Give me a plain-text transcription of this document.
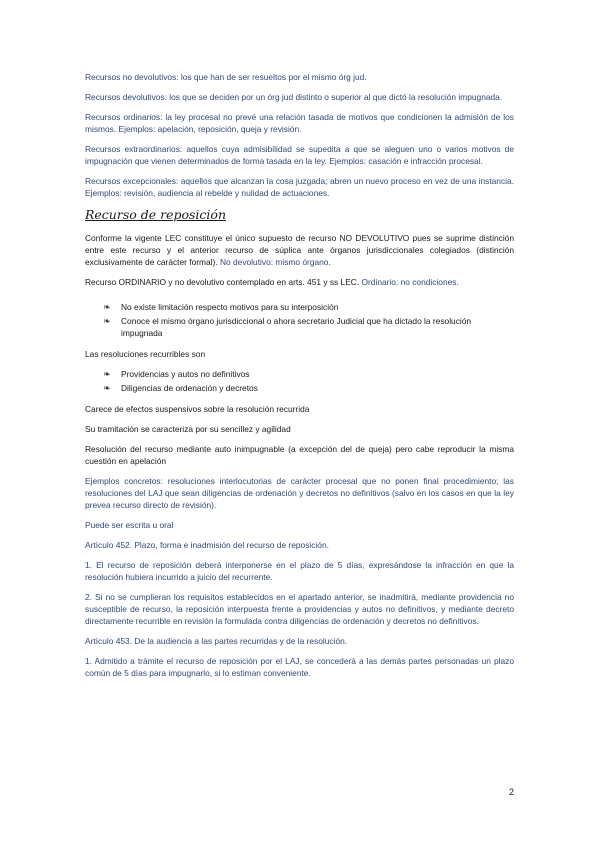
Recursos no devolutivos: los que han de ser resueltos por el mismo órg jud.

Recursos devolutivos: los que se deciden por un órg jud distinto o superior al que dictó la resolución impugnada.

Recursos ordinarios: la ley procesal no prevé una relación tasada de motivos que condicionen la admisión de los mismos. Ejemplos: apelación, reposición, queja y revisión.

Recursos extraordinarios: aquellos cuya admisibilidad se supedita a que se aleguen uno o varios motivos de impugnación que vienen determinados de forma tasada en la ley. Ejemplos: casación e infracción procesal.

Recursos excepcionales: aquellos que alcanzan la cosa juzgada; abren un nuevo proceso en vez de una instancia. Ejemplos: revisión, audiencia al rebelde y nulidad de actuaciones.

Recurso de reposición

Conforme la vigente LEC constituye el único supuesto de recurso NO DEVOLUTIVO pues se suprime distinción entre este recurso y el anterior recurso de súplica ante órganos jurisdiccionales colegiados (distinción exclusivamente de carácter formal). No devolutivo: mismo órgano.

Recurso ORDINARIO y no devolutivo contemplado en arts. 451 y ss LEC. Ordinario: no condiciones.

❧ No existe limitación respecto motivos para su interposición
❧ Conoce el mismo órgano jurisdiccional o ahora secretario Judicial que ha dictado la resolución impugnada

Las resoluciones recurribles son

❧ Providencias y autos no definitivos
❧ Diligencias de ordenación y decretos

Carece de efectos suspensivos sobre la resolución recurrida

Su tramitación se caracteriza por su sencillez y agilidad

Resolución del recurso mediante auto inimpugnable (a excepción del de queja) pero cabe reproducir la misma cuestión en apelación

Ejemplos concretos: resoluciones interlocutorias de carácter procesal que no ponen final procedimiento; las resoluciones del LAJ que sean diligencias de ordenación y decretos no definitivos (salvo en los casos en que la ley prevea recurso directo de revisión).

Puede ser escrita u oral

Artículo 452. Plazo, forma e inadmisión del recurso de reposición.

1. El recurso de reposición deberá interponerse en el plazo de 5 días, expresándose la infracción en que la resolución hubiera incurrido a juicio del recurrente.

2. Si no se cumplieran los requisitos establecidos en el apartado anterior, se inadmitirá, mediante providencia no susceptible de recurso, la reposición interpuesta frente a providencias y autos no definitivos, y mediante decreto directamente recurrible en revisión la formulada contra diligencias de ordenación y decretos no definitivos.

Artículo 453. De la audiencia a las partes recurridas y de la resolución.

1. Admitido a trámite el recurso de reposición por el LAJ, se concederá a las demás partes personadas un plazo común de 5 días para impugnarlo, si lo estiman conveniente.

2
